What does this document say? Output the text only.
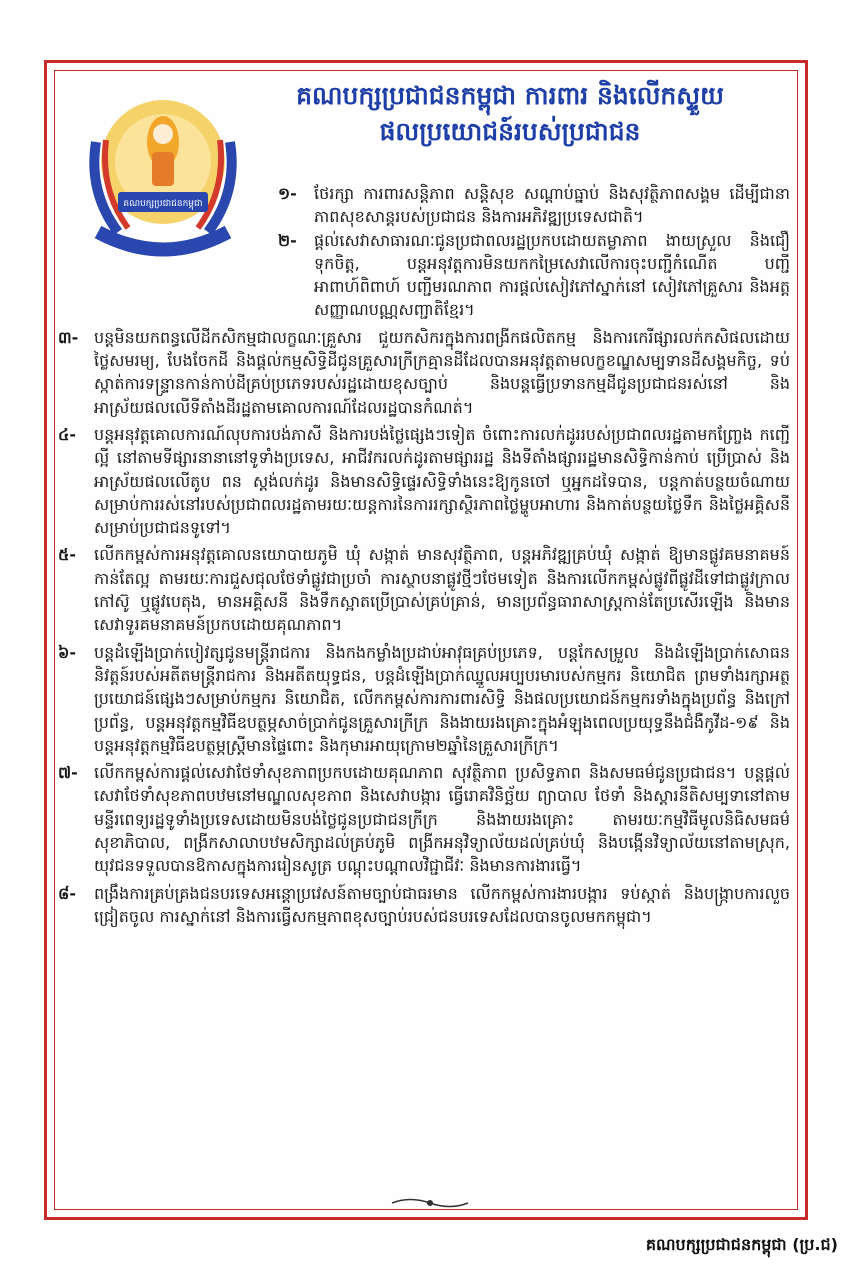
គណបក្សប្រជាជនកម្ពុជា
គណបក្សប្រជាជនកម្ពុជា ការពារ និងលើកស្ទួយ
ផលប្រយោជន៍របស់ប្រជាជន
១-	ថែរក្សា ការពារសន្តិភាព សន្តិសុខ សណ្តាប់ធ្នាប់ និងសុវត្ថិភាពសង្គម ដើម្បីជានាភាពសុខសាន្តរបស់ប្រជាជន និងការអភិវឌ្ឍប្រទេសជាតិ។
២-	ផ្តល់សេវាសាធារណៈជូនប្រជាពលរដ្ឋប្រកបដោយតម្លាភាព ងាយស្រួល និងជឿទុកចិត្ត, បន្តអនុវត្តការមិនយកកម្រៃសេវាលើការចុះបញ្ជីកំណើត បញ្ជីអាពាហ៍ពិពាហ៍ បញ្ជីមរណភាព ការផ្តល់សៀវភៅស្នាក់នៅ សៀវភៅគ្រួសារ និងអត្តសញ្ញាណបណ្ណសញ្ជាតិខ្មែរ។
៣- បន្តមិនយកពន្ធលើដីកសិកម្មជាលក្ខណៈគ្រួសារ ជួយកសិករក្នុងការពង្រីកផលិតកម្ម និងការកេរីផ្សារលក់កសិផលដោយថ្លៃសមរម្យ, បែងចែកដី និងផ្តល់កម្មសិទ្ធិដីជូនគ្រួសារក្រីក្រគ្មានដីដែលបានអនុវត្តតាមលក្ខខណ្ឌសម្បទានដីសង្គមកិច្ច, ទប់ស្កាត់ការទន្ទ្រានកាន់កាប់ដីគ្រប់ប្រភេទរបស់រដ្ឋដោយខុសច្បាប់ និងបន្តធ្វើប្រទានកម្មដីជូនប្រជាជនរស់នៅ និងអាស្រ័យផលលើទីតាំងដីរដ្ឋតាមគោលការណ៍ដែលរដ្ឋបានកំណត់។
៤-	បន្តអនុវត្តគោលការណ៍លុបការបង់ភាសី និងការបង់ថ្លៃផ្សេងៗទៀត ចំពោះការលក់ដូររបស់ប្រជាពលរដ្ឋតាមកញ្ច្រែង កញ្ជើ ល្អី នៅតាមទីផ្សារនានានៅទូទាំងប្រទេស, អាជីវករលក់ដូរតាមផ្សាររដ្ឋ និងទីតាំងផ្សាររដ្ឋមានសិទ្ធិកាន់កាប់ ប្រើប្រាស់ និងអាស្រ័យផលលើតូប ពន ស្តង់លក់ដូរ និងមានសិទ្ធិផ្ទេរសិទ្ធិទាំងនេះឱ្យកូនចៅ ឬអ្នកដទៃបាន, បន្តកាត់បន្ថយចំណាយសម្រាប់ការរស់នៅរបស់ប្រជាពលរដ្ឋតាមរយៈយន្តការនៃការរក្សាស្ថិរភាពថ្លៃម្ហូបអាហារ និងកាត់បន្ថយថ្លៃទឹក និងថ្លៃអគ្គិសនីសម្រាប់ប្រជាជនទូទៅ។
៥-	លើកកម្ពស់ការអនុវត្តគោលនយោបាយភូមិ ឃុំ សង្កាត់ មានសុវត្ថិភាព, បន្តអភិវឌ្ឍគ្រប់ឃុំ សង្កាត់ ឱ្យមានផ្លូវគមនាគមន៍កាន់តែល្អ តាមរយៈការជួសជុលថែទាំផ្លូវជាប្រចាំ ការស្ថាបនាផ្លូវថ្មីៗថែមទៀត និងការលើកកម្ពស់ផ្លូវពីផ្លូវដីទៅជាផ្លូវក្រាលកៅស៊ូ ឬផ្លូវបេតុង, មានអគ្គិសនី និងទឹកស្អាតប្រើប្រាស់គ្រប់គ្រាន់, មានប្រព័ន្ធធារាសាស្ត្រកាន់តែប្រសើរឡើង និងមានសេវាទូរគមនាគមន៍ប្រកបដោយគុណភាព។
៦-	បន្តដំឡើងប្រាក់បៀវត្សជូនមន្ត្រីរាជការ និងកងកម្លាំងប្រដាប់អាវុធគ្រប់ប្រភេទ, បន្តកែសម្រួល និងដំឡើងប្រាក់សោធននិវត្តន៍របស់អតីតមន្ត្រីរាជការ និងអតីតយុទ្ធជន, បន្តដំឡើងប្រាក់ឈ្នួលអប្បបរមារបស់កម្មករ និយោជិត ព្រមទាំងរក្សាអត្ថប្រយោជន៍ផ្សេងៗសម្រាប់កម្មករ និយោជិត, លើកកម្ពស់ការការពារសិទ្ធិ និងផលប្រយោជន៍កម្មករទាំងក្នុងប្រព័ន្ធ និងក្រៅប្រព័ន្ធ, បន្តអនុវត្តកម្មវិធីឧបត្ថម្ភសាច់ប្រាក់ជូនគ្រួសារក្រីក្រ និងងាយរងគ្រោះក្នុងអំឡុងពេលប្រយុទ្ធនឹងជំងឺកូវីដ-១៩ និងបន្តអនុវត្តកម្មវិធីឧបត្ថម្ភស្ត្រីមានផ្ទៃពោះ និងកុមារអាយុក្រោម២ឆ្នាំនៃគ្រួសារក្រីក្រ។
៧-	លើកកម្ពស់ការផ្តល់សេវាថែទាំសុខភាពប្រកបដោយគុណភាព សុវត្ថិភាព ប្រសិទ្ធភាព និងសមធម៌ជូនប្រជាជន។ បន្តផ្តល់សេវាថែទាំសុខភាពបឋមនៅមណ្ឌលសុខភាព និងសេវាបង្ការ ធ្វើរោគវិនិច្ឆ័យ ព្យាបាល ថែទាំ និងស្តារនីតិសម្បទានៅតាមមន្ទីរពេទ្យរដ្ឋទូទាំងប្រទេសដោយមិនបង់ថ្លៃជូនប្រជាជនក្រីក្រ និងងាយរងគ្រោះ តាមរយៈកម្មវិធីមូលនិធិសមធម៌សុខាភិបាល, ពង្រីកសាលាបឋមសិក្សាដល់គ្រប់ភូមិ ពង្រីកអនុវិទ្យាល័យដល់គ្រប់ឃុំ និងបង្កើនវិទ្យាល័យនៅតាមស្រុក, យុវជនទទួលបានឱកាសក្នុងការរៀនសូត្រ បណ្តុះបណ្តាលវិជ្ជាជីវៈ និងមានការងារធ្វើ។
៨-	ពង្រឹងការគ្រប់គ្រងជនបរទេសអន្តោប្រវេសន៍តាមច្បាប់ជាធរមាន លើកកម្ពស់ការងារបង្ការ ទប់ស្កាត់ និងបង្ក្រាបការលួចជ្រៀតចូល ការស្នាក់នៅ និងការធ្វើសកម្មភាពខុសច្បាប់របស់ជនបរទេសដែលបានចូលមកកម្ពុជា។
គណបក្សប្រជាជនកម្ពុជា (ប្រ.ជ)
